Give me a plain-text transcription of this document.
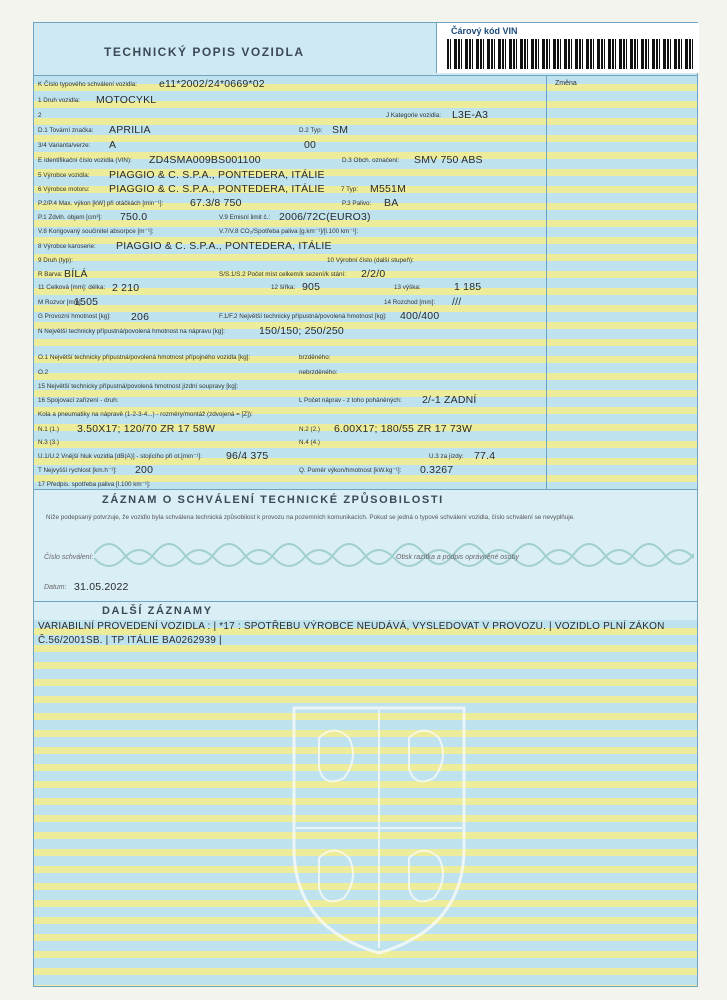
TECHNICKÝ POPIS VOZIDLA
Čárový kód VIN
Změna
K Číslo typového schválení vozidla: e11*2002/24*0669*02
1 Druh vozidla: MOTOCYKL
2	J Kategorie vozidla: L3E-A3
D.1 Tovární značka: APRILIA	D.2 Typ: SM
3/4 Varianta/verze: A	00
E Identifikační číslo vozidla (VIN): ZD4SMA009BS001100	D.3 Obch. označení: SMV 750 ABS
5 Výrobce vozidla: PIAGGIO & C. S.P.A., PONTEDERA, ITÁLIE
6 Výrobce motoru: PIAGGIO & C. S.P.A., PONTEDERA, ITÁLIE	7 Typ: M551M
P.2/P.4 Max. výkon [kW] při otáčkách [min⁻¹]:	67.3/8 750	P.3 Palivo: BA
P.1 Zdvih. objem [cm³]: 750.0	V.9 Emisní limit č.: 2006/72C(EURO3)
V.8 Korigovaný součinitel absorpce [m⁻¹]:	V.7/V.8 CO₂/Spotřeba paliva [g.km⁻¹]/[l.100 km⁻¹]:
8 Výrobce karoserie: PIAGGIO & C. S.P.A., PONTEDERA, ITÁLIE
9 Druh (typ):	10 Výrobní číslo (další stupeň):
R Barva: BÍLÁ	S/S.1/S.2 Počet míst celkem/k sezení/k stání: 2/2/0
11 Celková [mm]: délka: 2 210	12 šířka: 905	13 výška:	1 185
M Rozvor [mm]:
1505	14 Rozchod [mm]: ///
G Provozní hmotnost [kg]: 206	F.1/F.2 Největší technicky přípustná/povolená hmotnost [kg]: 400/400
N Největší technicky přípustná/povolená hmotnost na nápravu [kg]:	150/150; 250/250
O.1 Největší technicky přípustná/povolená hmotnost přípojného vozidla [kg]:	brzděného:
O.2	nebrzděného:
15 Největší technicky přípustná/povolená hmotnost jízdní soupravy [kg]:
16 Spojovací zařízení - druh:	L Počet náprav - z toho poháněných: 2/-1 ZADNÍ
Kola a pneumatiky na nápravě (1-2-3-4...) - rozměry/montáž (zdvojená = [Z]):
N.1 (1.) 3.50X17; 120/70 ZR 17 58W	N.2 (2.) 6.00X17; 180/55 ZR 17 73W
N.3 (3.)	N.4 (4.)
U.1/U.2 Vnější hluk vozidla [dB(A)] - stojícího při ot.[min⁻¹]: 96/4 375	U.3 za jízdy: 77.4
T Nejvyšší rychlost [km.h⁻¹]: 200	Q. Poměr výkon/hmotnost [kW.kg⁻¹]: 0.3267
17 Předpis. spotřeba paliva [l.100 km⁻¹]:
ZÁZNAM O SCHVÁLENÍ TECHNICKÉ ZPŮSOBILOSTI
Níže podepsaný potvrzuje, že vozidlo byla schválena technická způsobilost k provozu na pozemních komunikacích. Pokud se jedná o typové schválení vozidla, číslo schválení se nevyplňuje.
Číslo schválení:	Otisk razítka a podpis oprávněné osoby
Datum: 31.05.2022
DALŠÍ ZÁZNAMY
VARIABILNÍ PROVEDENÍ VOZIDLA : | *17 : SPOTŘEBU VÝROBCE NEUDÁVÁ, VYSLEDOVAT V PROVOZU. | VOZIDLO PLNÍ ZÁKON
Č.56/2001SB. | TP ITÁLIE BA0262939 |
